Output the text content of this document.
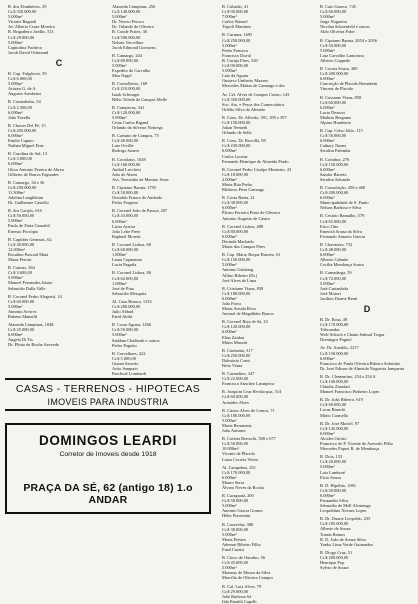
R. dos Dombeiros, 29

Cr.$ 350.000,00

5.000m²

Vicente Ragnoli

Av. Alberto Craze Moreira

R. Brigadeiro Jordão, 313

Cr.$ 29.000,00

5.000m²

Capitolina Pacheco

Jacob David Ochmond

C

R. Cap. Fulgêncio, 59

Cr.$ 6.000,00

5.000m²

Aristeu G. de A.

Augusto Armbrant

R. Carambolas, 54

Cr.$ 3.500,00

6.000m²

João Yavella

R. Chaves Del Pé, 15

Cr.$ 450.000,00

6.000m²

Emílio Caputo

Nathan Miguel Eine

R. Carolina de Sul, 13

Cr.$ 3.000,00

6.000m²

Ottoo Antonio Pereira de Abreu

Gilberto de Barros Fagundes

R. Camargo, 34 e 36

Cr.$ 250.000,00

11.500m²

Adelina Langbikian

Dr. Guilherme Castello

R. dos Carijós, 616

Cr.$ 50.000,00

5.000m²

Paulo de Faria Guaraldi

Ernesto Procópio

R. Capitães Generais, 62

Cr.$ 40.000,00

12.000m²

Rosalino Pascoal Maia

Maria Ferrari

R. Canoas, 364

Cr.$ 3.600,00

5.000m²

Manoel Fernandes Júnior

Sebastião Dalla Valle

R. Coronel Pedro Alegretti, 14

Cr.$ 60.000,00

5.000m²

Antonio Arvires

Rubens Manzilli

Alameda Campinas, 1048

Cr.$ 25.000,00

6.000m²

Angelo Di Tis

Dr. Plínio de Rocha Azevedo

Alameda Campinas, 256

Cr.$ 140.000,00

5.000m²

Dr. Nercio Peroco

Dr. Orlando de Oliveira

R. Conde Prates, 36

Cr.$ 500.000,00

Nelson Vercellino

Jacob Edmond Goossens

R. Camargo, 244

Cr.$ 80.000,00

5.000m²

Expedito de Carvalho

Max Nagel

R. Conselheiro, 169

Cr.$ 210.000,00

Isaak Schwager

Hélio Toledo de Campos Melle

R. Campevas, 341

Cr.$ 120.000,00

5.000m²

Cesar Carlos Bigand

Orlando da Silveira Nobrega

R. Caetano de Campos, 75

Cr.$ 40.000,00

Luiz Orville

Rodrigo Soares

R. Coriolano, 1638

Cr.$ 160.000,00

Anibal Lucchesi

João de Abreu

Ass. Terezinho de Menino Jesus

R. Cipriano Barata, 1795

Cr.$ 50.000,00

Oswaldo Franco de Andrade

Pedro Forgeno

R. Coronel João de Passos, 207

Cr.$ 43.000,00

6.000m²

Lúcia Ayrosa

João Leite Prete

Raphael Moretti

R. Coronel Lisboa, 68

Cr.$ 60.000,00

1.800m²

Laura Capanema

Lucia Paguila

R. Coronel Lisboa, 86

Cr.$ 62.000,00

1.080m²

José de Pina

Sebastião Mesquita

Al. Casa Branca, 1333

Cr.$ 280.000,00

Julio Abbud

Farid Abibi

R. Costa Aguiar, 1266

Cr.$ 50.000,00

5.000m²

Saddam Chalhoub e outros

Pedro Pagotto

R. Carvalhaes, 222

Cr.$ 5.000,00

Gianni Sanvito

Artio Sampaio

Paschoal Lombardi

R. Cubatão, 41

Cr.$ 90.000,00

7.000m²

Carlos Wanzel

Tripoli Martinez

R. Curuma, 1695

Cr.$ 250.000,00

5.000m²

Pedro Fonseca

Francisco Duval

R. Curuja Pires, 520

Cr.$ 90.000,00

5.000m²

Luiz da Aguiar

Gustavo Umberto Mazzeo

Mercedes Matias de Camargo e dos

Av. Cel. Alves de Campos Castro, 143

Cr.$ 350.000,00

Soc. Ass. e Pesca dos Comerciários

Orlélio Silva do Almada

R. Cons. Dr. Alfredo, 391, 395 e 397

Cr.$ 150.000,00

Johan Nemeth

Orlando de Sella

R. Cons. Dr. Brocilla, 98

Cr.$ 230.000,00

6.000m²

Carlos Lucena

Fernando Henrique de Almeida Prado

R. Coronel Pedro Cisalpo Monteiro, 43

Cr.$ 18.000,00

2.000m²

Maria Rita Pedro

Rildervo Pires Camargo

R. Costa Baeta, 21

Cr.$ 38.000,00

6.000m²

Élvaro Ferreira Pinto de Oliveira

Antonio Augusto de Castro

R. Coronel Lisboa, 488

Cr.$ 80.000,00

6.000m²

Dorinda Machado

Maria dos Campos Pires

R. Cap. Mário Roque Barreto, 61

Cr.$ 150.000,00

5.000m²

Antonio Grinberg

Alfino Ribeiro (Dr.)

José Alves de Lima

R. Cristiano Viana, 839

Cr.$ 180.000,00

6.000m²

João Paiva

Maria Arruda Rosa

Juvenal de Magalhães Barros

R. Coronel Beja de Sá, 23

Cr.$ 120.000,00

6.000m²

Elias Zaidan

Mário Musetti

R. Cunhaúta, 317

Cr.$ 250.000,00

Dalmácio Conti

Brito Viana

R. Carmelino, 347

Cr.$ 22.000,00

Francisco Sanchez Laranjeira

R. Joaquim Cruz Bevilacqua, 314

Cr.$ 60.000,00

Aristides Alves

R. Cássio Alves de Lemos, 71

Cr.$ 180.000,00

5.000m²

Maria Berumany

João Antunes

R. Carlota Bertochi, 500 e 677

Cr.$ 50.000,00

10.000m²

Vicente de Placido

Luiza Correia Vieira

Al. Carapebus, 451

Cr.$ 170.000,00

6.000m²

Mauro Serra

Álvaro Neves da Rocha

R. Caraguatá, 200

Cr.$ 50.000,00

5.000m²

Antonio Garcia Gomes

Hélio Piacentini

R. Caravelas, 380

Cr.$ 38.000,00

5.000m²

Maria Prestes

Ademar Ribeiro Filho

Fuad Curatti

R. Cinco de Outubro, 56

Cr.$ 45.000,00

5.000m²

Mariano de Moura da Silva

Marcília de Oliveira Campos

R. Cal. Luiz Alves, 79

Cr.$ 29.000,00

João Barbosa Sá

Iída Baraldi Capelli

R. Caio Graeco, 745

Cr.$ 60.000,00

5.000m²

Jorge Nogueira

Nicolau Schoenfeld e outros

Aldo Oliveira Pabri

R. Cipriano Barata, 2054 e 2056

Cr.$ 50.000,00

5.000m²

Luiz Carvalho Lamonica

Alberto Coppede

R. Correa Sousa, 300

Cr.$ 200.000,00

6.000m²

Conceição de Placido Bernabetti

Vincent de Placido

R. Cussiano Viana, 858

Cr.$ 60.000,00

6.000m²

Lucia Dezorzi

Mathias Bergamo

Alpino Humberto

R. Cap. Celso Júlio, 115

Cr.$ 50.000,00

6.000m²

Cathary Nunes

Serafim Palomba

R. Coimbra, 276

Cr.$ 150.000,00

6.000m²

Sandor Barreto

Serafim Salomão

R. Consolação, 456 e 460

Cr.$ 200.000,00

6.000m²

Municipalidade de S. Paulo

Nelson Barbosa e Silva

R. Cesário Ramalho, 579

Cr.$ 65.000,00

Erico Otto

Emerich Sousa da Silva

Fernando Antonio Guerra

R. Chavantes, 732

Cr.$ 48.000,00

6.000m²

Alberto Calmão

Cecília Mendonça Sousa

R. Camadarga, 59

Cr.$ 72.000,00

5.000m²

José Castanhola

José Moiset

Jacilino Duarte Benti

D

R. Dr. Rosa, 49

Cr.$ 170.000,00

Tribonadas

Wolf Schuch e Chaim Salmul Tregar

Domingos Pagnol

Av. Dr. Arnaldo, 2217

Cr.$ 150.000,00

6.000m²

Francisco de Paula Oliveira Ribeiro Sobrinho

Dr. José Edison de Almeida Nogueira Junqueira

R. Dr. Clementino, 254 e 254 A

Cr.$ 100.000,00

Cláudio Zanolari

Manoel Francisco Pinheiro Lopes

R. Dr. João Ribeiro, 619

Cr.$ 60.000,00

Lucas Bianchi

Mário Carmello

R. Dr. José Maciel, 97

Cr.$ 145.000,00

6.000m²

Alcides Osório

Francisco de P. Vicente de Azevedo Filho

Mercedes Piquet B. de Mendonça

R. Dois, 133

Cr.$ 20.000,00

5.000m²

Luiz Lamboré

Elcio Sousa

R. D. Hipólito, 1001

Cr.$ 50.000,00

6.000m²

Fernandes Silva

Sebastião de Mell Alvarenga

Leopoldino Novaes Lopes

R. Dr. Duarte Leopoldo, 235

Cr.$ 185.000,00

Alberto de Souza

Tomás Ramos

R. D. João de Souza Silva

Yanko Lima Verde Guimarães

R. Diogo Cruz, 51

Cr.$ 200.000,00

Henrique Pop

Sylvio de Souza

CASAS - TERRENOS - HIPOTECAS
IMOVEIS PARA INDUSTRIA
DOMINGOS LEARDI
Corretor de Imoveis desde 1918
PRAÇA DA SÉ, 62 (antigo 18) 1.o ANDAR
